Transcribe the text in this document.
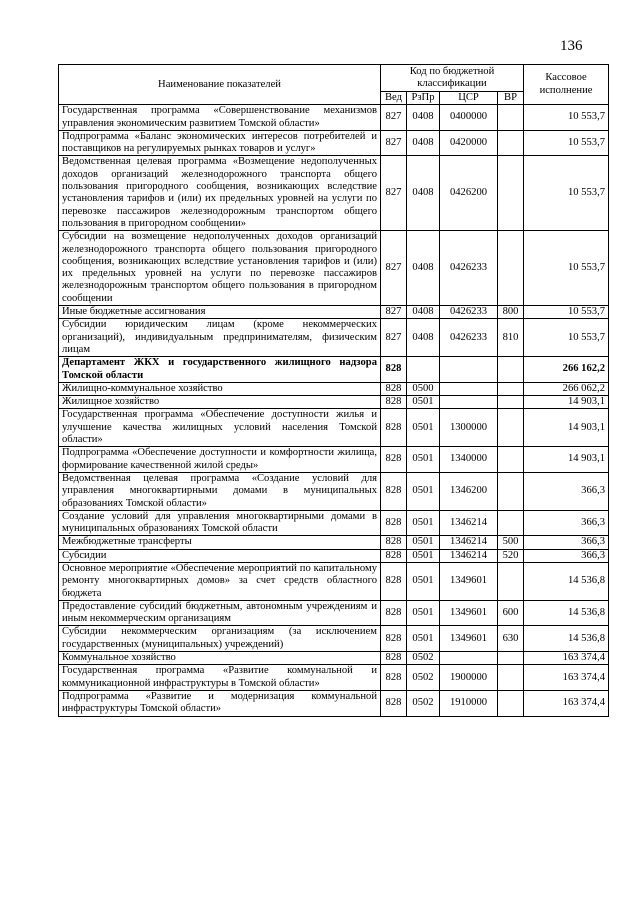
136
Наименование показателей	Код по бюджетной классификации				Кассовое исполнение
	Вед	РзПр	ЦСР	ВР	
Государственная программа «Совершенствование механизмов управления экономическим развитием Томской области»	827	0408	0400000		10 553,7
Подпрограмма «Баланс экономических интересов потребителей и поставщиков на регулируемых рынках товаров и услуг»	827	0408	0420000		10 553,7
Ведомственная целевая программа «Возмещение недополученных доходов организаций железнодорожного транспорта общего пользования пригородного сообщения, возникающих вследствие установления тарифов и (или) их предельных уровней на услуги по перевозке пассажиров железнодорожным транспортом общего пользования в пригородном сообщении»	827	0408	0426200		10 553,7
Субсидии на возмещение недополученных доходов организаций железнодорожного транспорта общего пользования пригородного сообщения, возникающих вследствие установления тарифов и (или) их предельных уровней на услуги по перевозке пассажиров железнодорожным транспортом общего пользования в пригородном сообщении	827	0408	0426233		10 553,7
Иные бюджетные ассигнования	827	0408	0426233	800	10 553,7
Субсидии юридическим лицам (кроме некоммерческих организаций), индивидуальным предпринимателям, физическим лицам	827	0408	0426233	810	10 553,7
Департамент ЖКХ и государственного жилищного надзора Томской области	828				266 162,2
Жилищно-коммунальное хозяйство	828	0500			266 062,2
Жилищное хозяйство	828	0501			14 903,1
Государственная программа «Обеспечение доступности жилья и улучшение качества жилищных условий населения Томской области»	828	0501	1300000		14 903,1
Подпрограмма «Обеспечение доступности и комфортности жилища, формирование качественной жилой среды»	828	0501	1340000		14 903,1
Ведомственная целевая программа «Создание условий для управления многоквартирными домами в муниципальных образованиях Томской области»	828	0501	1346200		366,3
Создание условий для управления многоквартирными домами в муниципальных образованиях Томской области	828	0501	1346214		366,3
Межбюджетные трансферты	828	0501	1346214	500	366,3
Субсидии	828	0501	1346214	520	366,3
Основное мероприятие «Обеспечение мероприятий по капитальному ремонту многоквартирных домов» за счет средств областного бюджета	828	0501	1349601		14 536,8
Предоставление субсидий бюджетным, автономным учреждениям и иным некоммерческим организациям	828	0501	1349601	600	14 536,8
Субсидии некоммерческим организациям (за исключением государственных (муниципальных) учреждений)	828	0501	1349601	630	14 536,8
Коммунальное хозяйство	828	0502			163 374,4
Государственная программа «Развитие коммунальной и коммуникационной инфраструктуры в Томской области»	828	0502	1900000		163 374,4
Подпрограмма «Развитие и модернизация коммунальной инфраструктуры Томской области»	828	0502	1910000		163 374,4
